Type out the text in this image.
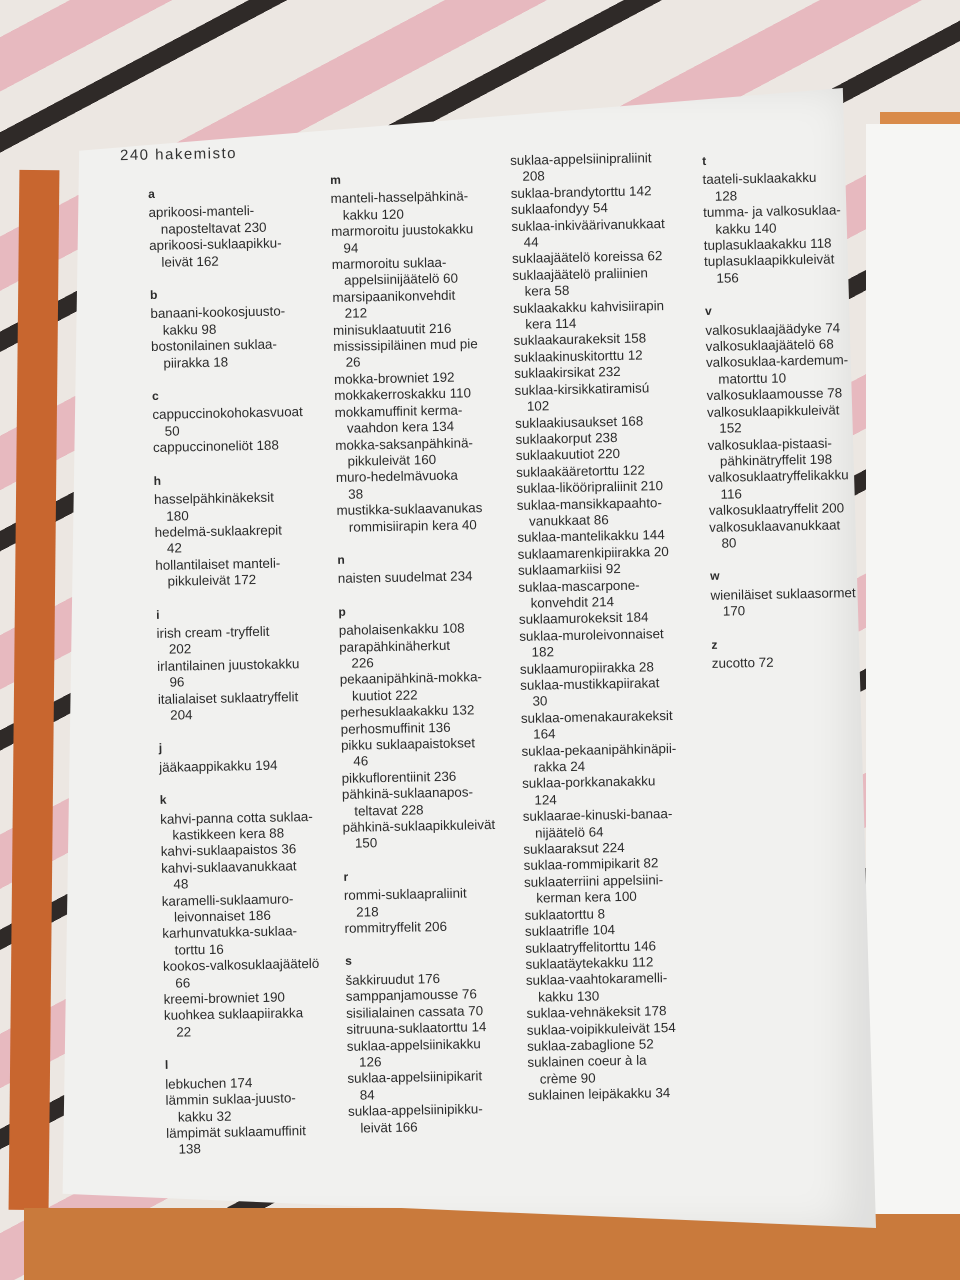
240 hakemisto
a
aprikoosi-manteli-
naposteltavat 230
aprikoosi-suklaapikku-
leivät 162
b
banaani-kookosjuusto-
kakku 98
bostonilainen suklaa-
piirakka 18
c
cappuccinokohokasvuoat
50
cappuccinoneliöt 188
h
hasselpähkinäkeksit
180
hedelmä-suklaakrepit
42
hollantilaiset manteli-
pikkuleivät 172
i
irish cream -tryffelit
202
irlantilainen juustokakku
96
italialaiset suklaatryffelit
204
j
jääkaappikakku 194
k
kahvi-panna cotta suklaa-
kastikkeen kera 88
kahvi-suklaapaistos 36
kahvi-suklaavanukkaat
48
karamelli-suklaamuro-
leivonnaiset 186
karhunvatukka-suklaa-
torttu 16
kookos-valkosuklaajäätelö
66
kreemi-browniet 190
kuohkea suklaapiirakka
22
l
lebkuchen 174
lämmin suklaa-juusto-
kakku 32
lämpimät suklaamuffinit
138
m
manteli-hasselpähkinä-
kakku 120
marmoroitu juustokakku
94
marmoroitu suklaa-
appelsiinijäätelö 60
marsipaanikonvehdit
212
minisuklaatuutit 216
mississipiläinen mud pie
26
mokka-browniet 192
mokkakerroskakku 110
mokkamuffinit kerma-
vaahdon kera 134
mokka-saksanpähkinä-
pikkuleivät 160
muro-hedelmävuoka
38
mustikka-suklaavanukas
rommisiirapin kera 40
n
naisten suudelmat 234
p
paholaisenkakku 108
parapähkinäherkut
226
pekaanipähkinä-mokka-
kuutiot 222
perhesuklaakakku 132
perhosmuffinit 136
pikku suklaapaistokset
46
pikkuflorentiinit 236
pähkinä-suklaanapos-
teltavat 228
pähkinä-suklaapikkuleivät
150
r
rommi-suklaapraliinit
218
rommitryffelit 206
s
šakkiruudut 176
samppanjamousse 76
sisilialainen cassata 70
sitruuna-suklaatorttu 14
suklaa-appelsiinikakku
126
suklaa-appelsiinipikarit
84
suklaa-appelsiinipikku-
leivät 166
suklaa-appelsiinipraliinit
208
suklaa-brandytorttu 142
suklaafondyy 54
suklaa-inkiväärivanukkaat
44
suklaajäätelö koreissa 62
suklaajäätelö praliinien
kera 58
suklaakakku kahvisiirapin
kera 114
suklaakaurakeksit 158
suklaakinuskitorttu 12
suklaakirsikat 232
suklaa-kirsikkatiramisú
102
suklaakiusaukset 168
suklaakorput 238
suklaakuutiot 220
suklaakääretorttu 122
suklaa-likööripraliinit 210
suklaa-mansikkapaahto-
vanukkaat 86
suklaa-mantelikakku 144
suklaamarenkipiirakka 20
suklaamarkiisi 92
suklaa-mascarpone-
konvehdit 214
suklaamurokeksit 184
suklaa-muroleivonnaiset
182
suklaamuropiirakka 28
suklaa-mustikkapiirakat
30
suklaa-omenakaurakeksit
164
suklaa-pekaanipähkinäpii-
rakka 24
suklaa-porkkanakakku
124
suklaarae-kinuski-banaa-
nijäätelö 64
suklaaraksut 224
suklaa-rommipikarit 82
suklaaterriini appelsiini-
kerman kera 100
suklaatorttu 8
suklaatrifle 104
suklaatryffelitorttu 146
suklaatäytekakku 112
suklaa-vaahtokaramelli-
kakku 130
suklaa-vehnäkeksit 178
suklaa-voipikkuleivät 154
suklaa-zabaglione 52
suklainen coeur à la
crème 90
suklainen leipäkakku 34
t
taateli-suklaakakku
128
tumma- ja valkosuklaa-
kakku 140
tuplasuklaakakku 118
tuplasuklaapikkuleivät
156
v
valkosuklaajäädyke 74
valkosuklaajäätelö 68
valkosuklaa-kardemum-
matorttu 10
valkosuklaamousse 78
valkosuklaapikkuleivät
152
valkosuklaa-pistaasi-
pähkinätryffelit 198
valkosuklaatryffelikakku
116
valkosuklaatryffelit 200
valkosuklaavanukkaat
80
w
wieniläiset suklaasormet
170
z
zucotto 72
